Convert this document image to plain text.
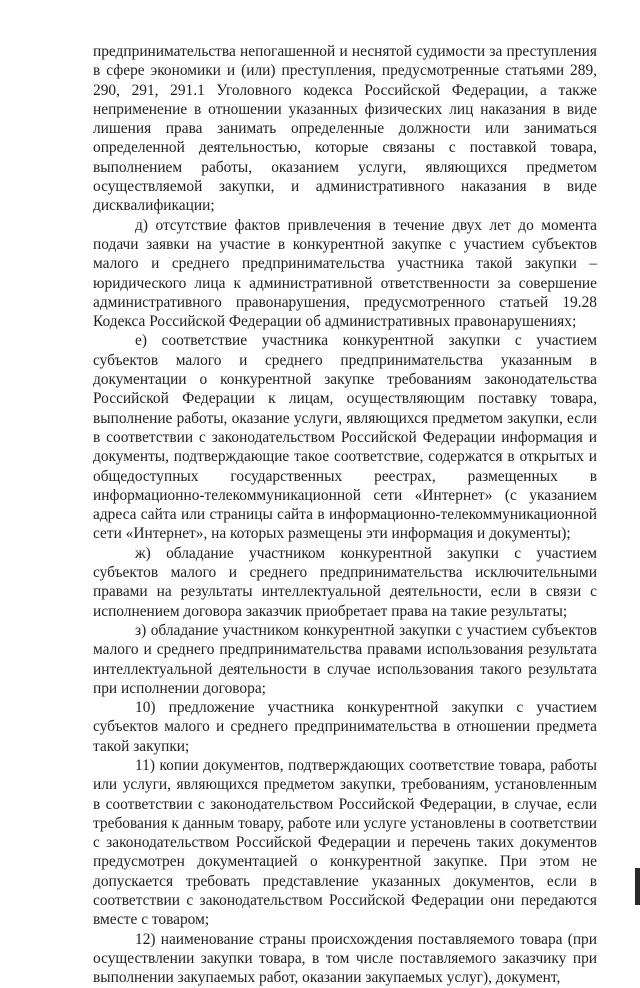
предпринимательства непогашенной и неснятой судимости за преступления в сфере экономики и (или) преступления, предусмотренные статьями 289, 290, 291, 291.1 Уголовного кодекса Российской Федерации, а также неприменение в отношении указанных физических лиц наказания в виде лишения права занимать определенные должности или заниматься определенной деятельностью, которые связаны с поставкой товара, выполнением работы, оказанием услуги, являющихся предметом осуществляемой закупки, и административного наказания в виде дисквалификации;

д) отсутствие фактов привлечения в течение двух лет до момента подачи заявки на участие в конкурентной закупке с участием субъектов малого и среднего предпринимательства участника такой закупки – юридического лица к административной ответственности за совершение административного правонарушения, предусмотренного статьей 19.28 Кодекса Российской Федерации об административных правонарушениях;

е) соответствие участника конкурентной закупки с участием субъектов малого и среднего предпринимательства указанным в документации о конкурентной закупке требованиям законодательства Российской Федерации к лицам, осуществляющим поставку товара, выполнение работы, оказание услуги, являющихся предметом закупки, если в соответствии с законодательством Российской Федерации информация и документы, подтверждающие такое соответствие, содержатся в открытых и общедоступных государственных реестрах, размещенных в информационно-телекоммуникационной сети «Интернет» (с указанием адреса сайта или страницы сайта в информационно-телекоммуникационной сети «Интернет», на которых размещены эти информация и документы);

ж) обладание участником конкурентной закупки с участием субъектов малого и среднего предпринимательства исключительными правами на результаты интеллектуальной деятельности, если в связи с исполнением договора заказчик приобретает права на такие результаты;

з) обладание участником конкурентной закупки с участием субъектов малого и среднего предпринимательства правами использования результата интеллектуальной деятельности в случае использования такого результата при исполнении договора;

10) предложение участника конкурентной закупки с участием субъектов малого и среднего предпринимательства в отношении предмета такой закупки;

11) копии документов, подтверждающих соответствие товара, работы или услуги, являющихся предметом закупки, требованиям, установленным в соответствии с законодательством Российской Федерации, в случае, если требования к данным товару, работе или услуге установлены в соответствии с законодательством Российской Федерации и перечень таких документов предусмотрен документацией о конкурентной закупке. При этом не допускается требовать представление указанных документов, если в соответствии с законодательством Российской Федерации они передаются вместе с товаром;

12) наименование страны происхождения поставляемого товара (при осуществлении закупки товара, в том числе поставляемого заказчику при выполнении закупаемых работ, оказании закупаемых услуг), документ,
